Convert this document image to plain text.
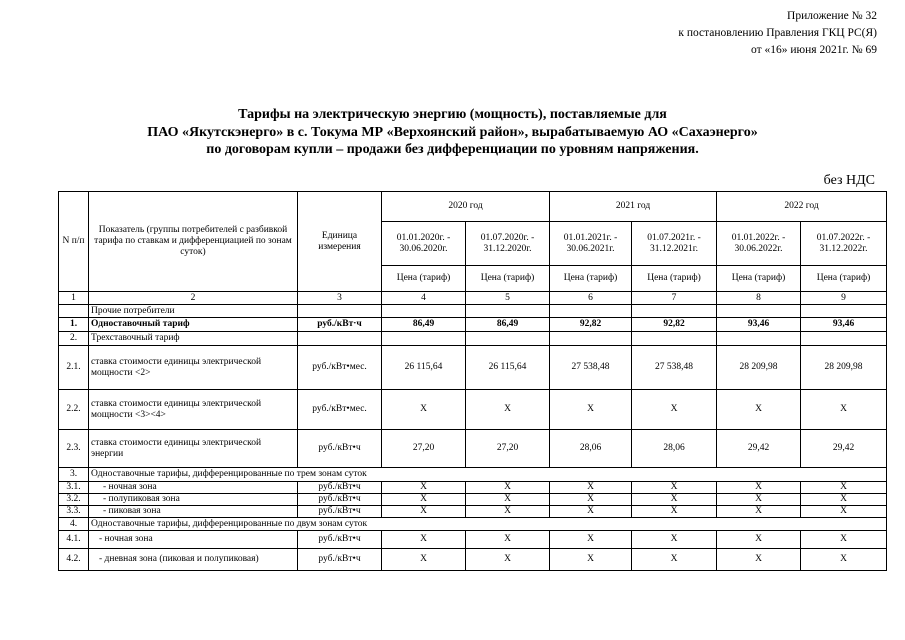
Приложение № 32
к постановлению Правления ГКЦ РС(Я)
от «16» июня 2021г. № 69
Тарифы на электрическую энергию (мощность), поставляемые для
ПАО «Якутскэнерго» в с. Токума МР «Верхоянский район», вырабатываемую АО «Сахаэнерго»
по договорам купли – продажи без дифференциации по уровням напряжения.
без НДС
N п/п	Показатель (группы потребителей с разбивкой тарифа по ставкам и дифференциацией по зонам суток)	Единица измерения	2020 год		2021 год		2022 год	
			01.01.2020г. - 30.06.2020г.	01.07.2020г. - 31.12.2020г.	01.01.2021г. - 30.06.2021г.	01.07.2021г. - 31.12.2021г.	01.01.2022г. - 30.06.2022г.	01.07.2022г. - 31.12.2022г.
			Цена (тариф)	Цена (тариф)	Цена (тариф)	Цена (тариф)	Цена (тариф)	Цена (тариф)
1	2	3	4	5	6	7	8	9
	Прочие потребители							
1.	Одноставочный тариф	руб./кВт·ч	86,49	86,49	92,82	92,82	93,46	93,46
2.	Трехставочный тариф							
2.1.	ставка стоимости единицы электрической мощности <2>	руб./кВт•мес.	26 115,64	26 115,64	27 538,48	27 538,48	28 209,98	28 209,98
2.2.	ставка стоимости единицы электрической мощности <3><4>	руб./кВт•мес.	Х	Х	Х	Х	Х	Х
2.3.	ставка стоимости единицы электрической энергии	руб./кВт•ч	27,20	27,20	28,06	28,06	29,42	29,42
3.	Одноставочные тарифы, дифференцированные по трем зонам суток							
3.1.	- ночная зона	руб./кВт•ч	Х	Х	Х	Х	Х	Х
3.2.	- полупиковая зона	руб./кВт•ч	Х	Х	Х	Х	Х	Х
3.3.	- пиковая зона	руб./кВт•ч	Х	Х	Х	Х	Х	Х
4.	Одноставочные тарифы, дифференцированные по двум зонам суток							
4.1.	- ночная зона	руб./кВт•ч	Х	Х	Х	Х	Х	Х
4.2.	- дневная зона (пиковая и полупиковая)	руб./кВт•ч	Х	Х	Х	Х	Х	Х
